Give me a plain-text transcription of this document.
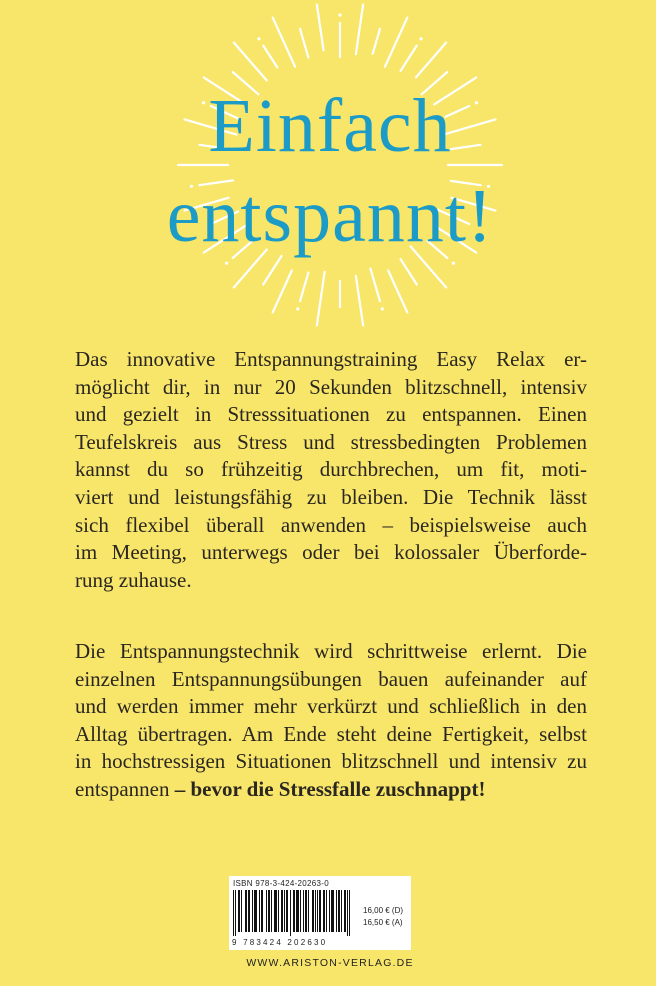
Einfach
entspannt!
Das innovative Entspannungstraining Easy Relax er-
möglicht dir, in nur 20 Sekunden blitzschnell, intensiv
und gezielt in Stresssituationen zu entspannen. Einen
Teufelskreis aus Stress und stressbedingten Problemen
kannst du so frühzeitig durchbrechen, um fit, moti-
viert und leistungsfähig zu bleiben. Die Technik lässt
sich flexibel überall anwenden – beispielsweise auch
im Meeting, unterwegs oder bei kolossaler Überforde-
rung zuhause.
Die Entspannungstechnik wird schrittweise erlernt. Die
einzelnen Entspannungsübungen bauen aufeinander auf
und werden immer mehr verkürzt und schließlich in den
Alltag übertragen. Am Ende steht deine Fertigkeit, selbst
in hochstressigen Situationen blitzschnell und intensiv zu
entspannen – bevor die Stressfalle zuschnappt!
ISBN 978-3-424-20263-0
9 783424 202630
16,00 € (D)
16,50 € (A)
WWW.ARISTON-VERLAG.DE
